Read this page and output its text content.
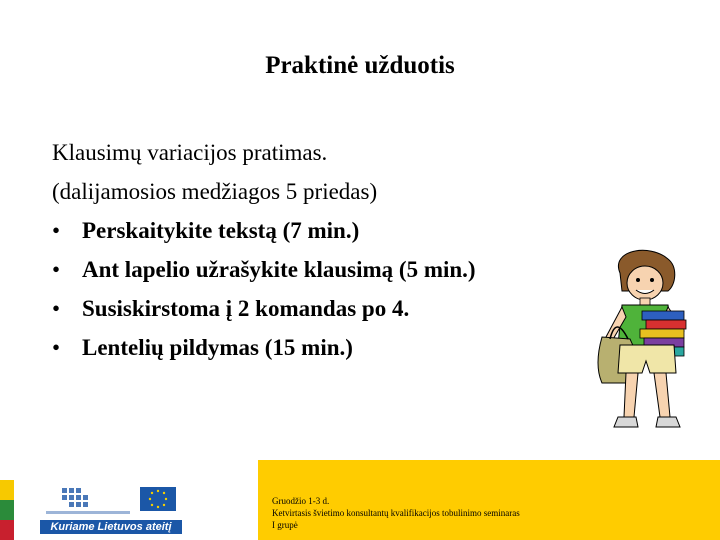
Praktinė užduotis
Klausimų variacijos pratimas.
(dalijamosios medžiagos 5 priedas)
• Perskaitykite tekstą (7 min.)
• Ant lapelio užrašykite klausimą (5 min.)
• Susiskirstoma į 2 komandas po 4.
• Lentelių pildymas (15 min.)
Kuriame Lietuvos ateitį
Gruodžio 1-3 d.
Ketvirtasis švietimo konsultantų kvalifikacijos tobulinimo seminaras
I grupė
